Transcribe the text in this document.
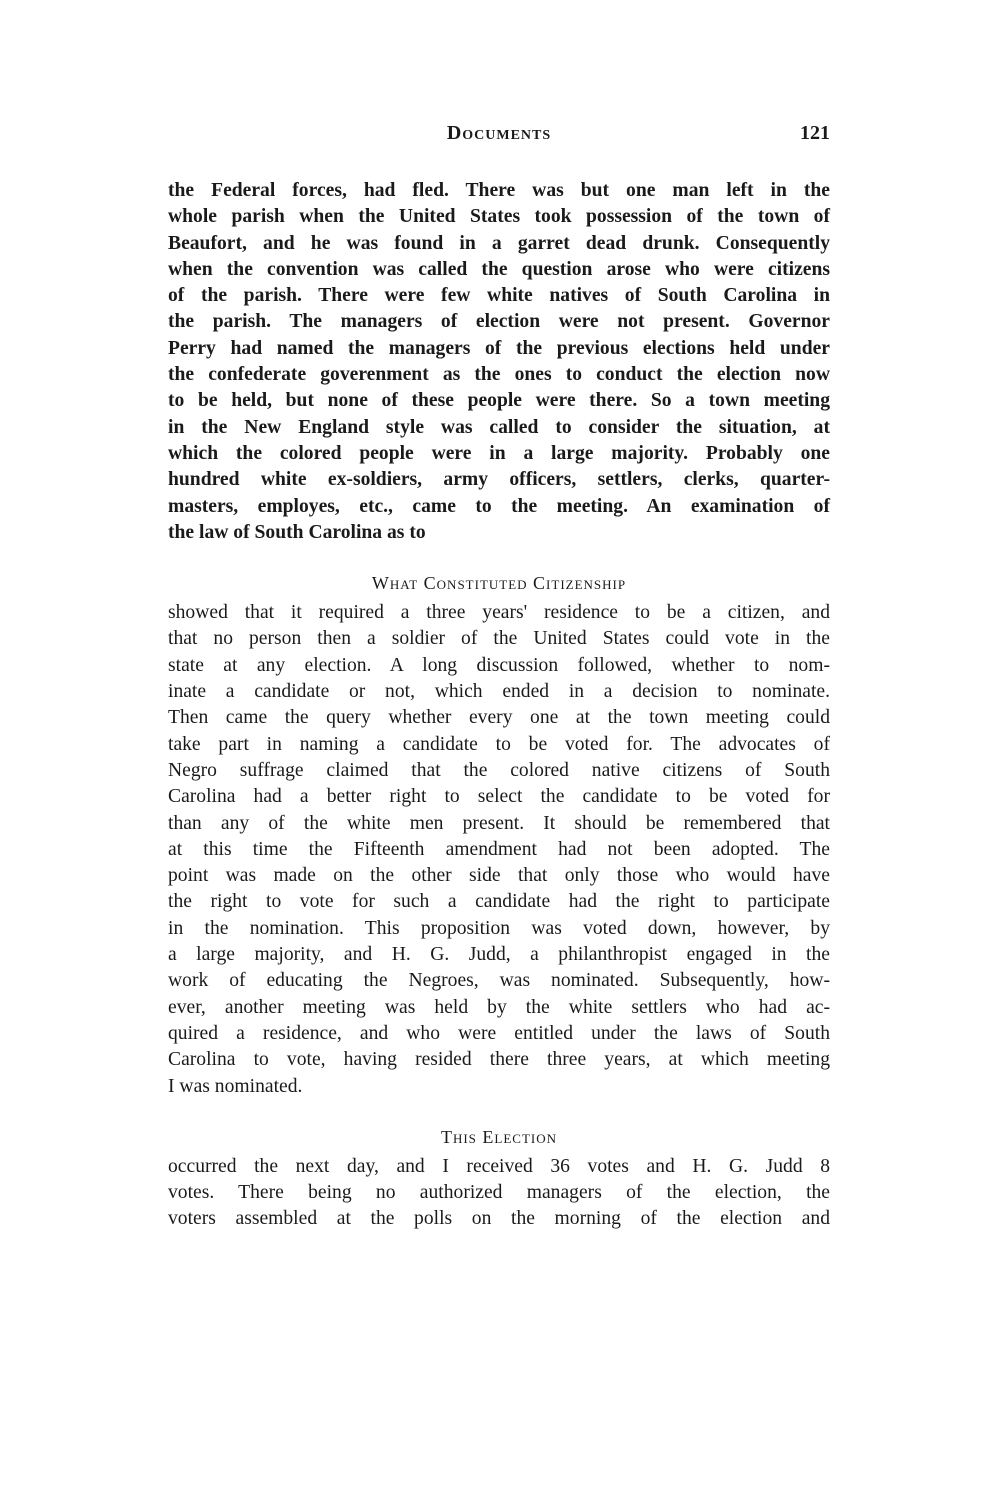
Documents	121
the Federal forces, had fled. There was but one man left in the
whole parish when the United States took possession of the town of
Beaufort, and he was found in a garret dead drunk. Consequently
when the convention was called the question arose who were citizens
of the parish. There were few white natives of South Carolina in
the parish. The managers of election were not present. Governor
Perry had named the managers of the previous elections held under
the confederate goverenment as the ones to conduct the election now
to be held, but none of these people were there. So a town meeting
in the New England style was called to consider the situation, at
which the colored people were in a large majority. Probably one
hundred white ex-soldiers, army officers, settlers, clerks, quarter-
masters, employes, etc., came to the meeting. An examination of
the law of South Carolina as to
What Constituted Citizenship
showed that it required a three years' residence to be a citizen, and
that no person then a soldier of the United States could vote in the
state at any election. A long discussion followed, whether to nom-
inate a candidate or not, which ended in a decision to nominate.
Then came the query whether every one at the town meeting could
take part in naming a candidate to be voted for. The advocates of
Negro suffrage claimed that the colored native citizens of South
Carolina had a better right to select the candidate to be voted for
than any of the white men present. It should be remembered that
at this time the Fifteenth amendment had not been adopted. The
point was made on the other side that only those who would have
the right to vote for such a candidate had the right to participate
in the nomination. This proposition was voted down, however, by
a large majority, and H. G. Judd, a philanthropist engaged in the
work of educating the Negroes, was nominated. Subsequently, how-
ever, another meeting was held by the white settlers who had ac-
quired a residence, and who were entitled under the laws of South
Carolina to vote, having resided there three years, at which meeting
I was nominated.
This Election
occurred the next day, and I received 36 votes and H. G. Judd 8
votes. There being no authorized managers of the election, the
voters assembled at the polls on the morning of the election and
